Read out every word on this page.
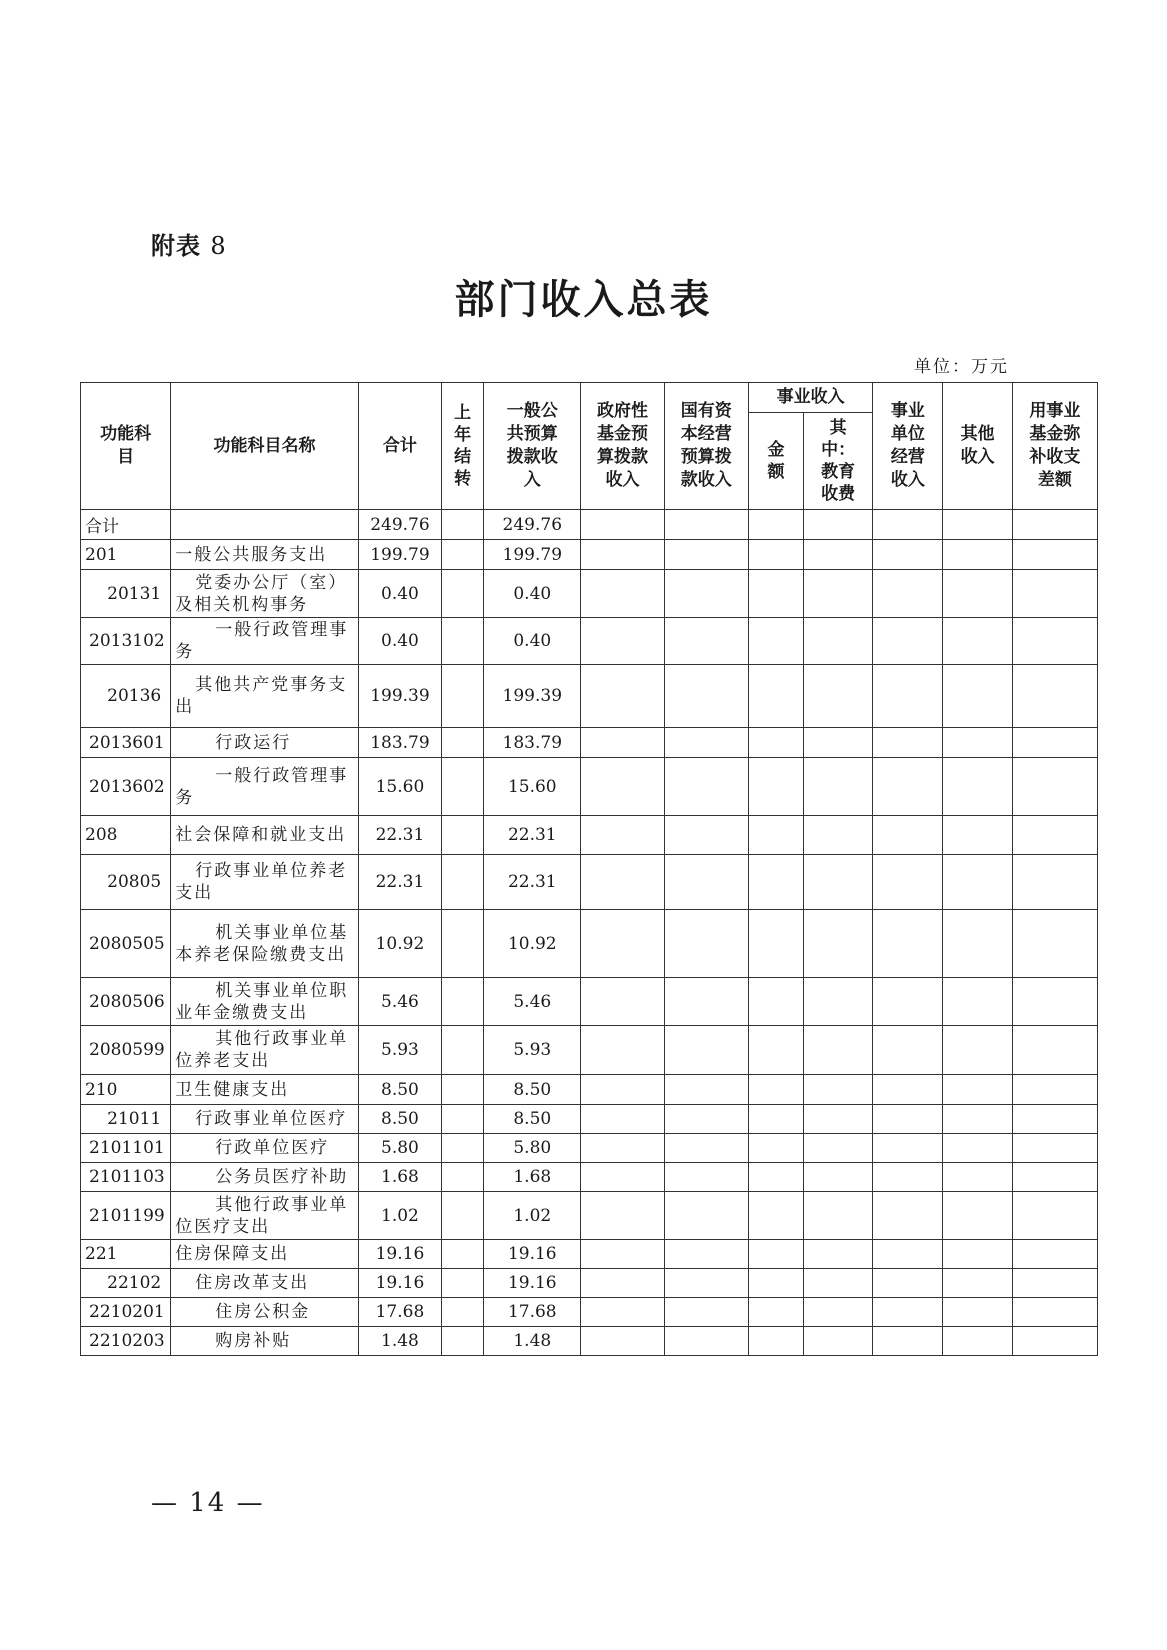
附表 8
部门收入总表
单位：万元
功能科目	功能科目名称	合计	上年结转	一般公共预算拨款收入	政府性基金预算拨款收入	国有资本经营预算拨款收入	事业收入		事业单位经营收入	其他收入	用事业基金弥补收支差额
							金额	其中：教育收费			
合计		249.76		249.76							
201	一般公共服务支出	199.79		199.79							
20131	党委办公厅（室）及相关机构事务	0.40		0.40							
2013102	一般行政管理事务	0.40		0.40							
20136	其他共产党事务支出	199.39		199.39							
2013601	行政运行	183.79		183.79							
2013602	一般行政管理事务	15.60		15.60							
208	社会保障和就业支出	22.31		22.31							
20805	行政事业单位养老支出	22.31		22.31							
2080505	机关事业单位基本养老保险缴费支出	10.92		10.92							
2080506	机关事业单位职业年金缴费支出	5.46		5.46							
2080599	其他行政事业单位养老支出	5.93		5.93							
210	卫生健康支出	8.50		8.50							
21011	行政事业单位医疗	8.50		8.50							
2101101	行政单位医疗	5.80		5.80							
2101103	公务员医疗补助	1.68		1.68							
2101199	其他行政事业单位医疗支出	1.02		1.02							
221	住房保障支出	19.16		19.16							
22102	住房改革支出	19.16		19.16							
2210201	住房公积金	17.68		17.68							
2210203	购房补贴	1.48		1.48							
— 14 —
